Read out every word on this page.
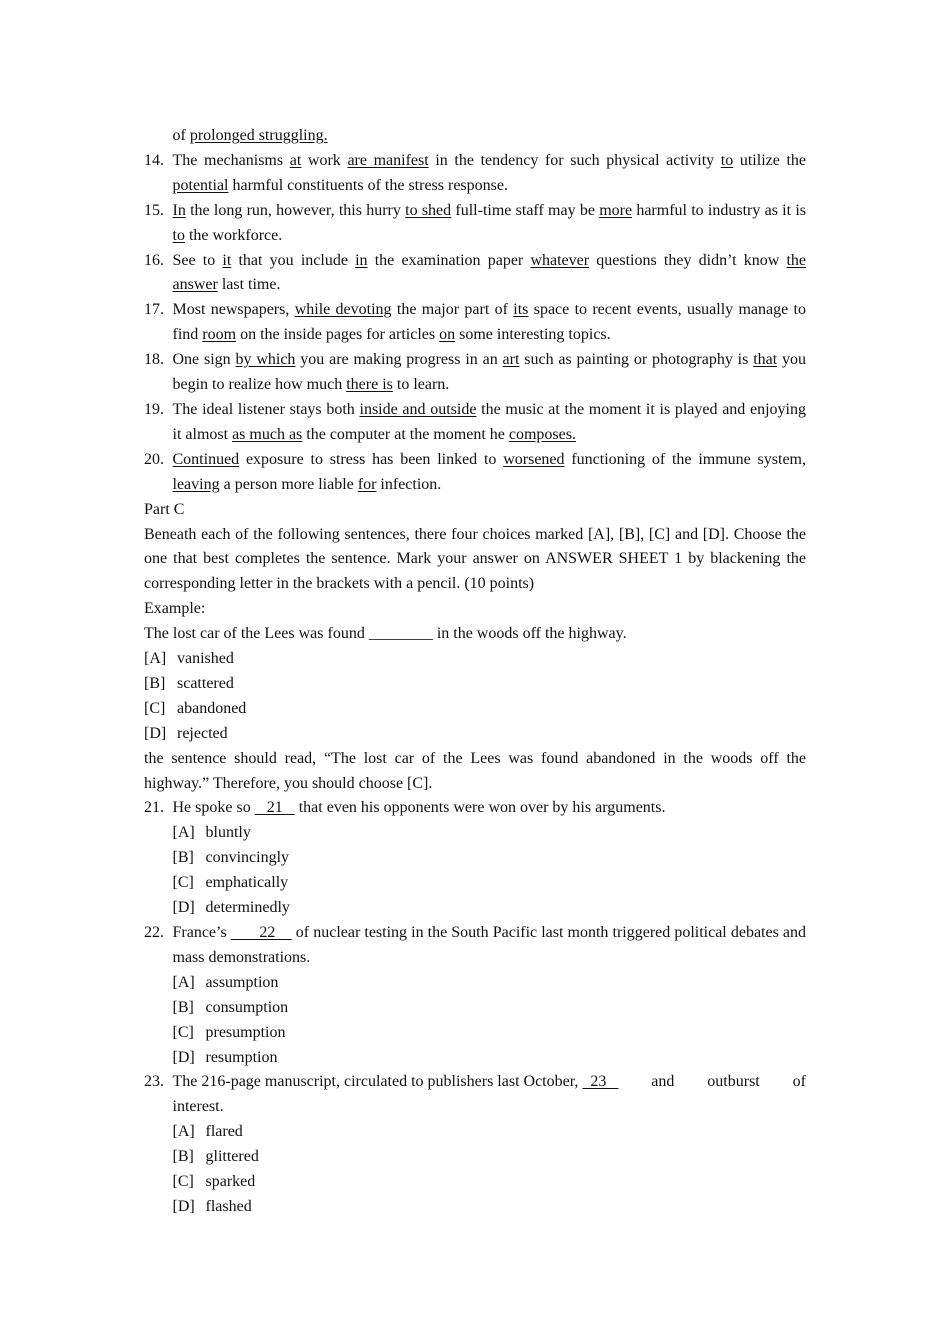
of prolonged struggling.
14. The mechanisms at work are manifest in the tendency for such physical activity to utilize the potential harmful constituents of the stress response.
15. In the long run, however, this hurry to shed full-time staff may be more harmful to industry as it is to the workforce.
16. See to it that you include in the examination paper whatever questions they didn’t know the answer last time.
17. Most newspapers, while devoting the major part of its space to recent events, usually manage to find room on the inside pages for articles on some interesting topics.
18. One sign by which you are making progress in an art such as painting or photography is that you begin to realize how much there is to learn.
19. The ideal listener stays both inside and outside the music at the moment it is played and enjoying it almost as much as the computer at the moment he composes.
20. Continued exposure to stress has been linked to worsened functioning of the immune system, leaving a person more liable for infection.
Part C
Beneath each of the following sentences, there four choices marked [A], [B], [C] and [D]. Choose the one that best completes the sentence. Mark your answer on ANSWER SHEET 1 by blackening the corresponding letter in the brackets with a pencil. (10 points)
Example:
The lost car of the Lees was found ________ in the woods off the highway.
[A] vanished
[B] scattered
[C] abandoned
[D] rejected
the sentence should read, “The lost car of the Lees was found abandoned in the woods off the highway.” Therefore, you should choose [C].
21. He spoke so    21    that even his opponents were won over by his arguments.
[A] bluntly
[B] convincingly
[C] emphatically
[D] determinedly
22. France’s        22     of nuclear testing in the South Pacific last month triggered political debates and mass demonstrations.
[A] assumption
[B] consumption
[C] presumption
[D] resumption
23. The 216-page manuscript, circulated to publishers last October,   23 and outburst of
interest.
[A] flared
[B] glittered
[C] sparked
[D] flashed
